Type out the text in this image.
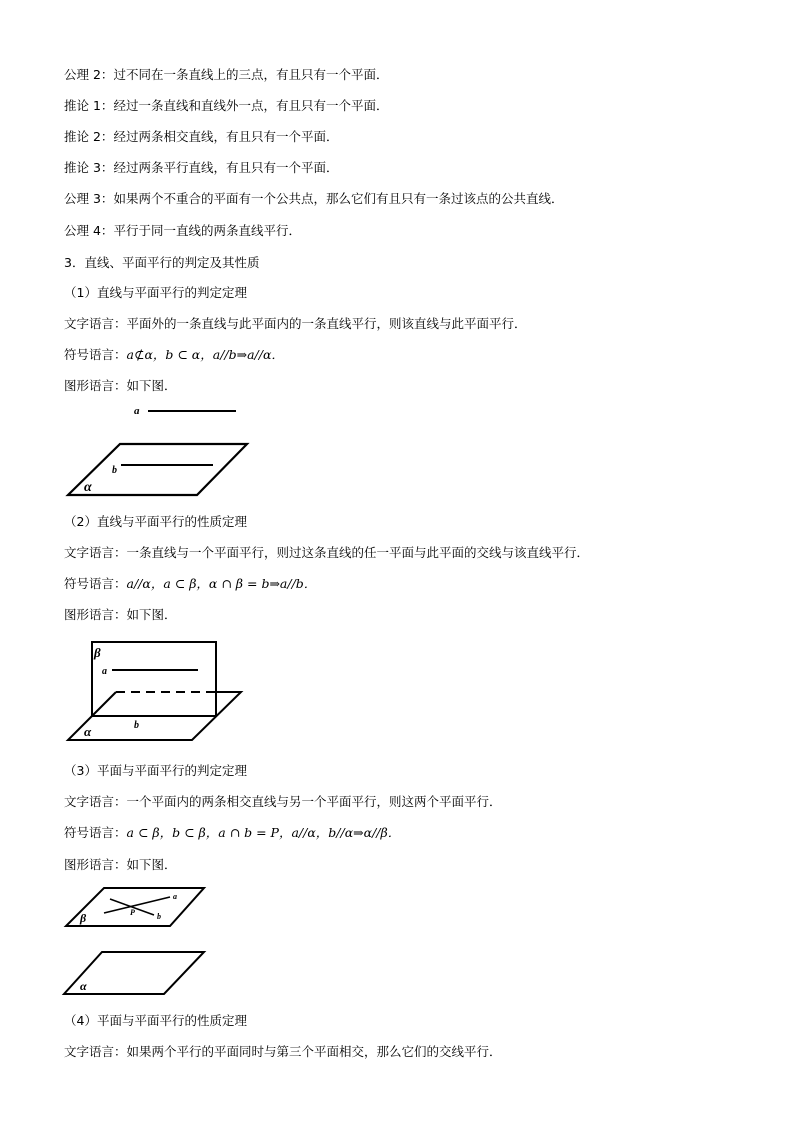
公理 2：过不同在一条直线上的三点，有且只有一个平面．
推论 1：经过一条直线和直线外一点，有且只有一个平面．
推论 2：经过两条相交直线，有且只有一个平面．
推论 3：经过两条平行直线，有且只有一个平面．
公理 3：如果两个不重合的平面有一个公共点，那么它们有且只有一条过该点的公共直线．
公理 4：平行于同一直线的两条直线平行．
3．直线、平面平行的判定及其性质
（1）直线与平面平行的判定定理
文字语言：平面外的一条直线与此平面内的一条直线平行，则该直线与此平面平行．
符号语言：a⊄α，b ⊂ α，a//b⇒a//α．
图形语言：如下图．
a
b
α
（2）直线与平面平行的性质定理
文字语言：一条直线与一个平面平行，则过这条直线的任一平面与此平面的交线与该直线平行．
符号语言：a//α，a ⊂ β，α ∩ β = b⇒a//b．
图形语言：如下图．
β
a
b
α
（3）平面与平面平行的判定定理
文字语言：一个平面内的两条相交直线与另一个平面平行，则这两个平面平行．
符号语言：a ⊂ β，b ⊂ β，a ∩ b = P，a//α，b//α⇒α//β．
图形语言：如下图．
a
b
P
β
α
（4）平面与平面平行的性质定理
文字语言：如果两个平行的平面同时与第三个平面相交，那么它们的交线平行．
